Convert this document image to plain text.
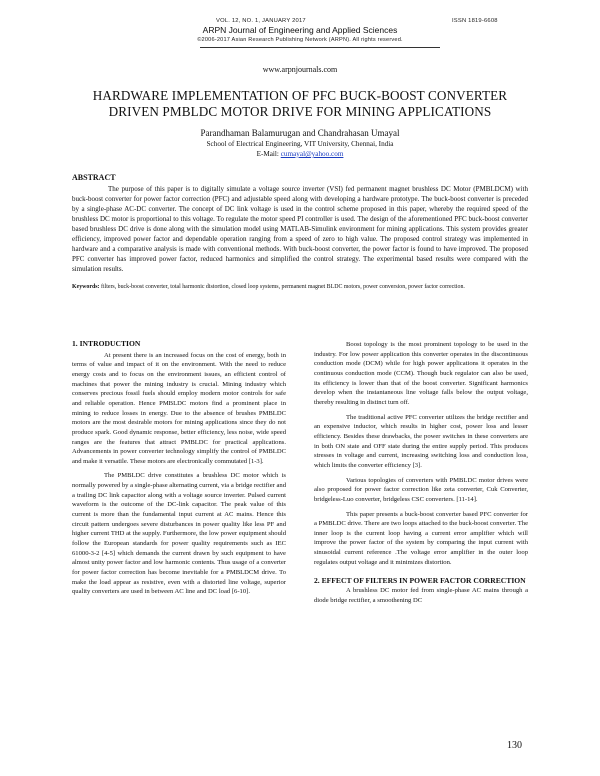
VOL. 12, NO. 1, JANUARY 2017	ISSN 1819-6608
ARPN Journal of Engineering and Applied Sciences
©2006-2017 Asian Research Publishing Network (ARPN). All rights reserved.
www.arpnjournals.com
HARDWARE IMPLEMENTATION OF PFC BUCK-BOOST CONVERTER
DRIVEN PMBLDC MOTOR DRIVE FOR MINING APPLICATIONS
Parandhaman Balamurugan and Chandrahasan Umayal
School of Electrical Engineering, VIT University, Chennai, India
E-Mail: cumayal@yahoo.com
ABSTRACT

The purpose of this paper is to digitally simulate a voltage source inverter (VSI) fed permanent magnet brushless DC Motor (PMBLDCM) with buck-boost converter for power factor correction (PFC) and adjustable speed along with developing a hardware prototype. The buck-boost converter is preceded by a single-phase AC-DC converter. The concept of DC link voltage is used in the control scheme proposed in this paper, whereby the required speed of the brushless DC motor is proportional to this voltage. To regulate the motor speed PI controller is used. The design of the aforementioned PFC buck-boost converter based brushless DC drive is done along with the simulation model using MATLAB-Simulink environment for mining applications. This system provides greater efficiency, improved power factor and dependable operation ranging from a speed of zero to high value. The proposed control strategy was implemented in hardware and a comparative analysis is made with conventional methods. With buck-boost converter, the power factor is found to have improved. The proposed PFC converter has improved power factor, reduced harmonics and simplified the control strategy. The experimental based results were compared with the simulation results.

Keywords: filters, buck-boost converter, total harmonic distortion, closed loop systems, permanent magnet BLDC motors, power conversion, power factor correction.

1. INTRODUCTION

At present there is an increased focus on the cost of energy, both in terms of value and impact of it on the environment. With the need to reduce energy costs and to focus on the environment issues, an efficient control of machines that power the mining industry is crucial. Mining industry which conserves precious fossil fuels should employ modern motor controls for safe and reliable operation. Hence PMBLDC motors find a prominent place in mining to reduce losses in energy. Due to the absence of brushes PMBLDC motors are the most desirable motors for mining applications since they do not produce spark. Good dynamic response, better efficiency, less noise, wide speed ranges are the features that attract PMBLDC for practical applications. Advancements in power converter technology simplify the control of PMBLDC and make it versatile. These motors are electronically commutated [1-3].

The PMBLDC drive constitutes a brushless DC motor which is normally powered by a single-phase alternating current, via a bridge rectifier and a trailing DC link capacitor along with a voltage source inverter. Pulsed current waveform is the outcome of the DC-link capacitor. The peak value of this current is more than the fundamental input current at AC mains. Hence this circuit pattern undergoes severe disturbances in power quality like less PF and higher current THD at the supply. Furthermore, the low power equipment should follow the European standards for power quality requirements such as IEC 61000-3-2 [4-5] which demands the current drawn by such equipment to have almost unity power factor and low harmonic contents. Thus usage of a converter for power factor correction has become inevitable for a PMBLDCM drive. To make the load appear as resistive, even with a distorted line voltage, superior quality converters are used in between AC line and DC load [6-10].

Boost topology is the most prominent topology to be used in the industry. For low power application this converter operates in the discontinuous conduction mode (DCM) while for high power applications it operates in the continuous conduction mode (CCM). Though buck regulator can also be used, its efficiency is lower than that of the boost converter. Significant harmonics develop when the instantaneous line voltage falls below the output voltage, thereby resulting in distinct turn off.

The traditional active PFC converter utilizes the bridge rectifier and an expensive inductor, which results in higher cost, power loss and lesser efficiency. Besides these drawbacks, the power switches in these converters are in both ON state and OFF state during the entire supply period. This produces stresses in voltage and current, increasing switching loss and conduction loss, which limits the converter efficiency [3].

Various topologies of converters with PMBLDC motor drives were also proposed for power factor correction like zeta converter, Cuk Converter, bridgeless-Luo converter, bridgeless CSC converters. [11-14].

This paper presents a buck-boost converter based PFC converter for a PMBLDC drive. There are two loops attached to the buck-boost converter. The inner loop is the current loop having a current error amplifier which will improve the power factor of the system by comparing the input current with sinusoidal current reference .The voltage error amplifier in the outer loop regulates output voltage and it minimizes distortion.

2. EFFECT OF FILTERS IN POWER FACTOR CORRECTION

A brushless DC motor fed from single-phase AC mains through a diode bridge rectifier, a smoothening DC

130
